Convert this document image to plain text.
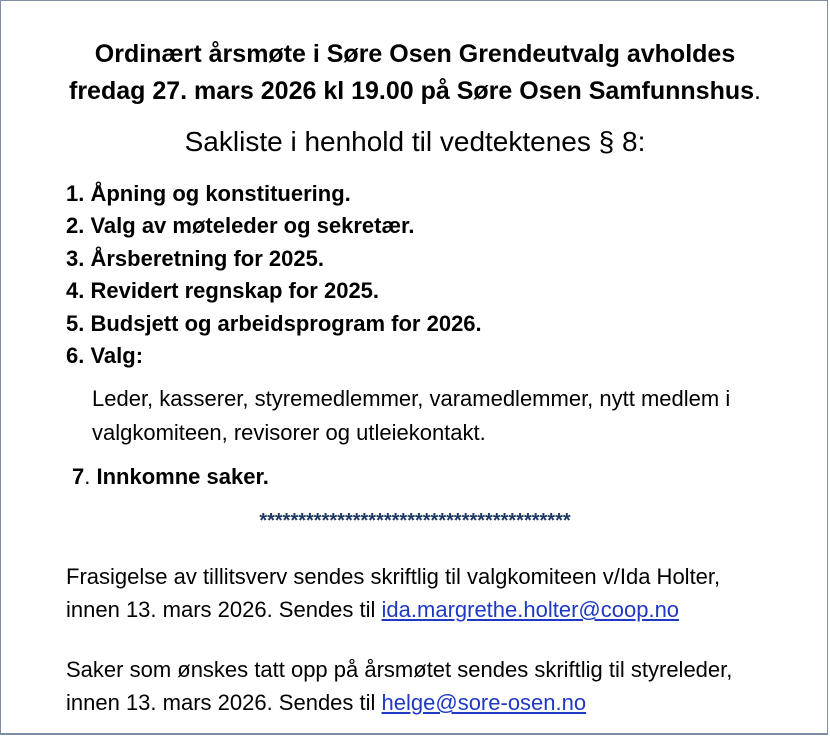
Ordinært årsmøte i Søre Osen Grendeutvalg avholdes
fredag 27. mars 2026 kl 19.00 på Søre Osen Samfunnshus.
Sakliste i henhold til vedtektenes § 8:
1. Åpning og konstituering.
2. Valg av møteleder og sekretær.
3. Årsberetning for 2025.
4. Revidert regnskap for 2025.
5. Budsjett og arbeidsprogram for 2026.
6. Valg:
Leder, kasserer, styremedlemmer, varamedlemmer, nytt medlem i valgkomiteen, revisorer og utleiekontakt.
7. Innkomne saker.
****************************************
Frasigelse av tillitsverv sendes skriftlig til valgkomiteen v/Ida Holter,
innen 13. mars 2026. Sendes til ida.margrethe.holter@coop.no
Saker som ønskes tatt opp på årsmøtet sendes skriftlig til styreleder,
innen 13. mars 2026. Sendes til helge@sore-osen.no
